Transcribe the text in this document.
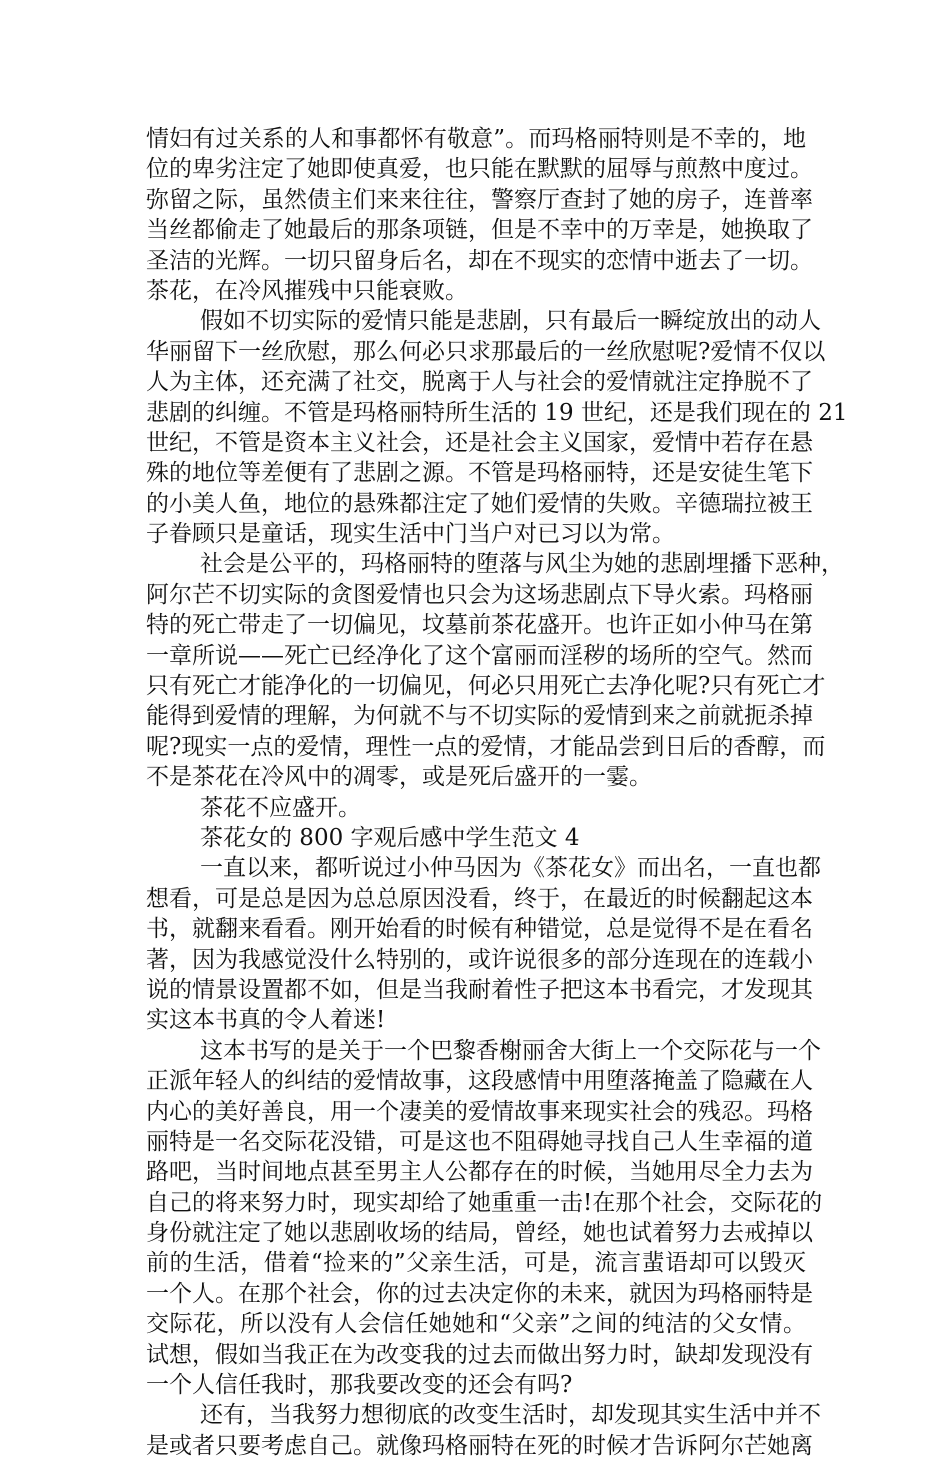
情妇有过关系的人和事都怀有敬意”。而玛格丽特则是不幸的，地
位的卑劣注定了她即使真爱，也只能在默默的屈辱与煎熬中度过。
弥留之际，虽然债主们来来往往，警察厅查封了她的房子，连普率
当丝都偷走了她最后的那条项链，但是不幸中的万幸是，她换取了
圣洁的光辉。一切只留身后名，却在不现实的恋情中逝去了一切。
茶花，在冷风摧残中只能衰败。
假如不切实际的爱情只能是悲剧，只有最后一瞬绽放出的动人
华丽留下一丝欣慰，那么何必只求那最后的一丝欣慰呢?爱情不仅以
人为主体，还充满了社交，脱离于人与社会的爱情就注定挣脱不了
悲剧的纠缠。不管是玛格丽特所生活的 19 世纪，还是我们现在的 21
世纪，不管是资本主义社会，还是社会主义国家，爱情中若存在悬
殊的地位等差便有了悲剧之源。不管是玛格丽特，还是安徒生笔下
的小美人鱼，地位的悬殊都注定了她们爱情的失败。辛德瑞拉被王
子眷顾只是童话，现实生活中门当户对已习以为常。
社会是公平的，玛格丽特的堕落与风尘为她的悲剧埋播下恶种，
阿尔芒不切实际的贪图爱情也只会为这场悲剧点下导火索。玛格丽
特的死亡带走了一切偏见，坟墓前茶花盛开。也许正如小仲马在第
一章所说——死亡已经净化了这个富丽而淫秽的场所的空气。然而
只有死亡才能净化的一切偏见，何必只用死亡去净化呢?只有死亡才
能得到爱情的理解，为何就不与不切实际的爱情到来之前就扼杀掉
呢?现实一点的爱情，理性一点的爱情，才能品尝到日后的香醇，而
不是茶花在冷风中的凋零，或是死后盛开的一霎。
茶花不应盛开。
茶花女的 800 字观后感中学生范文 4
一直以来，都听说过小仲马因为《茶花女》而出名，一直也都
想看，可是总是因为总总原因没看，终于，在最近的时候翻起这本
书，就翻来看看。刚开始看的时候有种错觉，总是觉得不是在看名
著，因为我感觉没什么特别的，或许说很多的部分连现在的连载小
说的情景设置都不如，但是当我耐着性子把这本书看完，才发现其
实这本书真的令人着迷!
这本书写的是关于一个巴黎香榭丽舍大街上一个交际花与一个
正派年轻人的纠结的爱情故事，这段感情中用堕落掩盖了隐藏在人
内心的美好善良，用一个凄美的爱情故事来现实社会的残忍。玛格
丽特是一名交际花没错，可是这也不阻碍她寻找自己人生幸福的道
路吧，当时间地点甚至男主人公都存在的时候，当她用尽全力去为
自己的将来努力时，现实却给了她重重一击!在那个社会，交际花的
身份就注定了她以悲剧收场的结局，曾经，她也试着努力去戒掉以
前的生活，借着“捡来的”父亲生活，可是，流言蜚语却可以毁灭
一个人。在那个社会，你的过去决定你的未来，就因为玛格丽特是
交际花，所以没有人会信任她她和“父亲”之间的纯洁的父女情。
试想，假如当我正在为改变我的过去而做出努力时，缺却发现没有
一个人信任我时，那我要改变的还会有吗?
还有，当我努力想彻底的改变生活时，却发现其实生活中并不
是或者只要考虑自己。就像玛格丽特在死的时候才告诉阿尔芒她离
